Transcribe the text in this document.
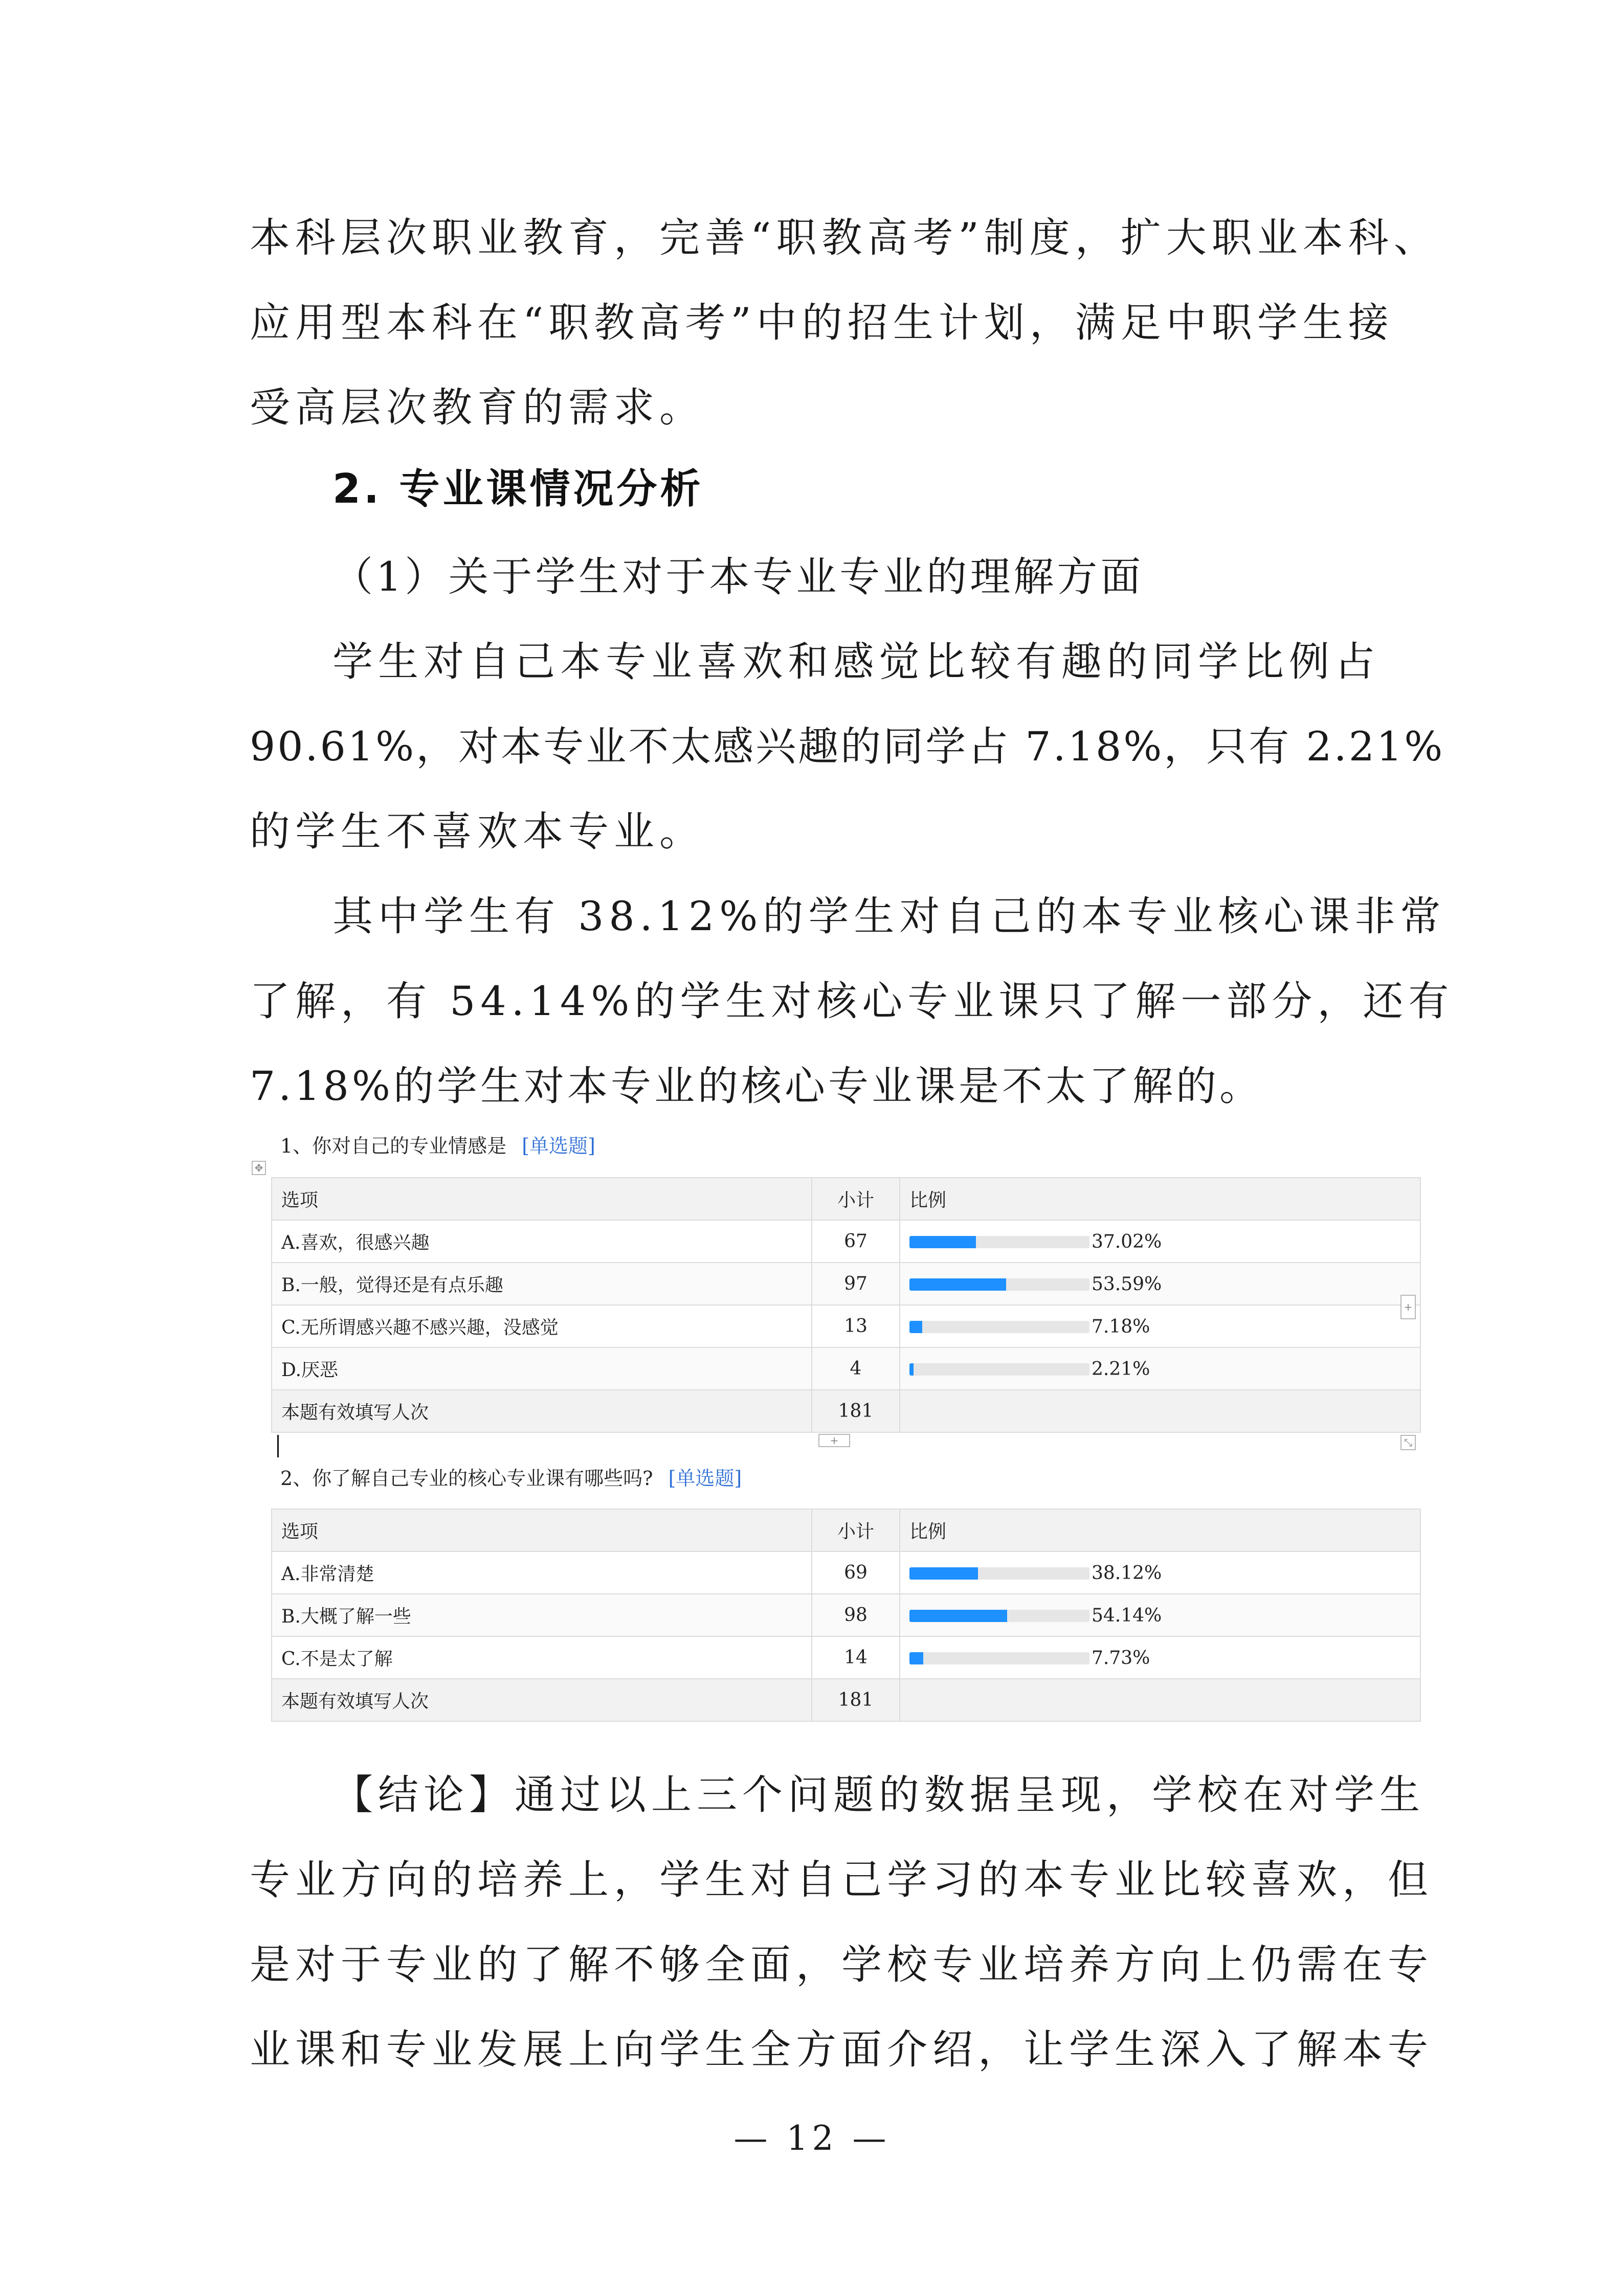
本科层次职业教育，完善“职教高考”制度，扩大职业本科、
应用型本科在“职教高考”中的招生计划，满足中职学生接
受高层次教育的需求。
2. 专业课情况分析
（1）关于学生对于本专业专业的理解方面
学生对自己本专业喜欢和感觉比较有趣的同学比例占
90.61%，对本专业不太感兴趣的同学占 7.18%，只有 2.21%
的学生不喜欢本专业。
其中学生有 38.12%的学生对自己的本专业核心课非常
了解，有 54.14%的学生对核心专业课只了解一部分，还有
7.18%的学生对本专业的核心专业课是不太了解的。
1、你对自己的专业情感是 [单选题]
✥
选项	小计	比例
A.喜欢，很感兴趣	67	37.02%
B.一般，觉得还是有点乐趣	97	53.59%
C.无所谓感兴趣不感兴趣，没感觉	13	7.18%
D.厌恶	4	2.21%
本题有效填写人次	181	
+
+	⤡
2、你了解自己专业的核心专业课有哪些吗? [单选题]
选项	小计	比例
A.非常清楚	69	38.12%
B.大概了解一些	98	54.14%
C.不是太了解	14	7.73%
本题有效填写人次	181	
【结论】通过以上三个问题的数据呈现，学校在对学生
专业方向的培养上，学生对自己学习的本专业比较喜欢，但
是对于专业的了解不够全面，学校专业培养方向上仍需在专
业课和专业发展上向学生全方面介绍，让学生深入了解本专
— 12 —
